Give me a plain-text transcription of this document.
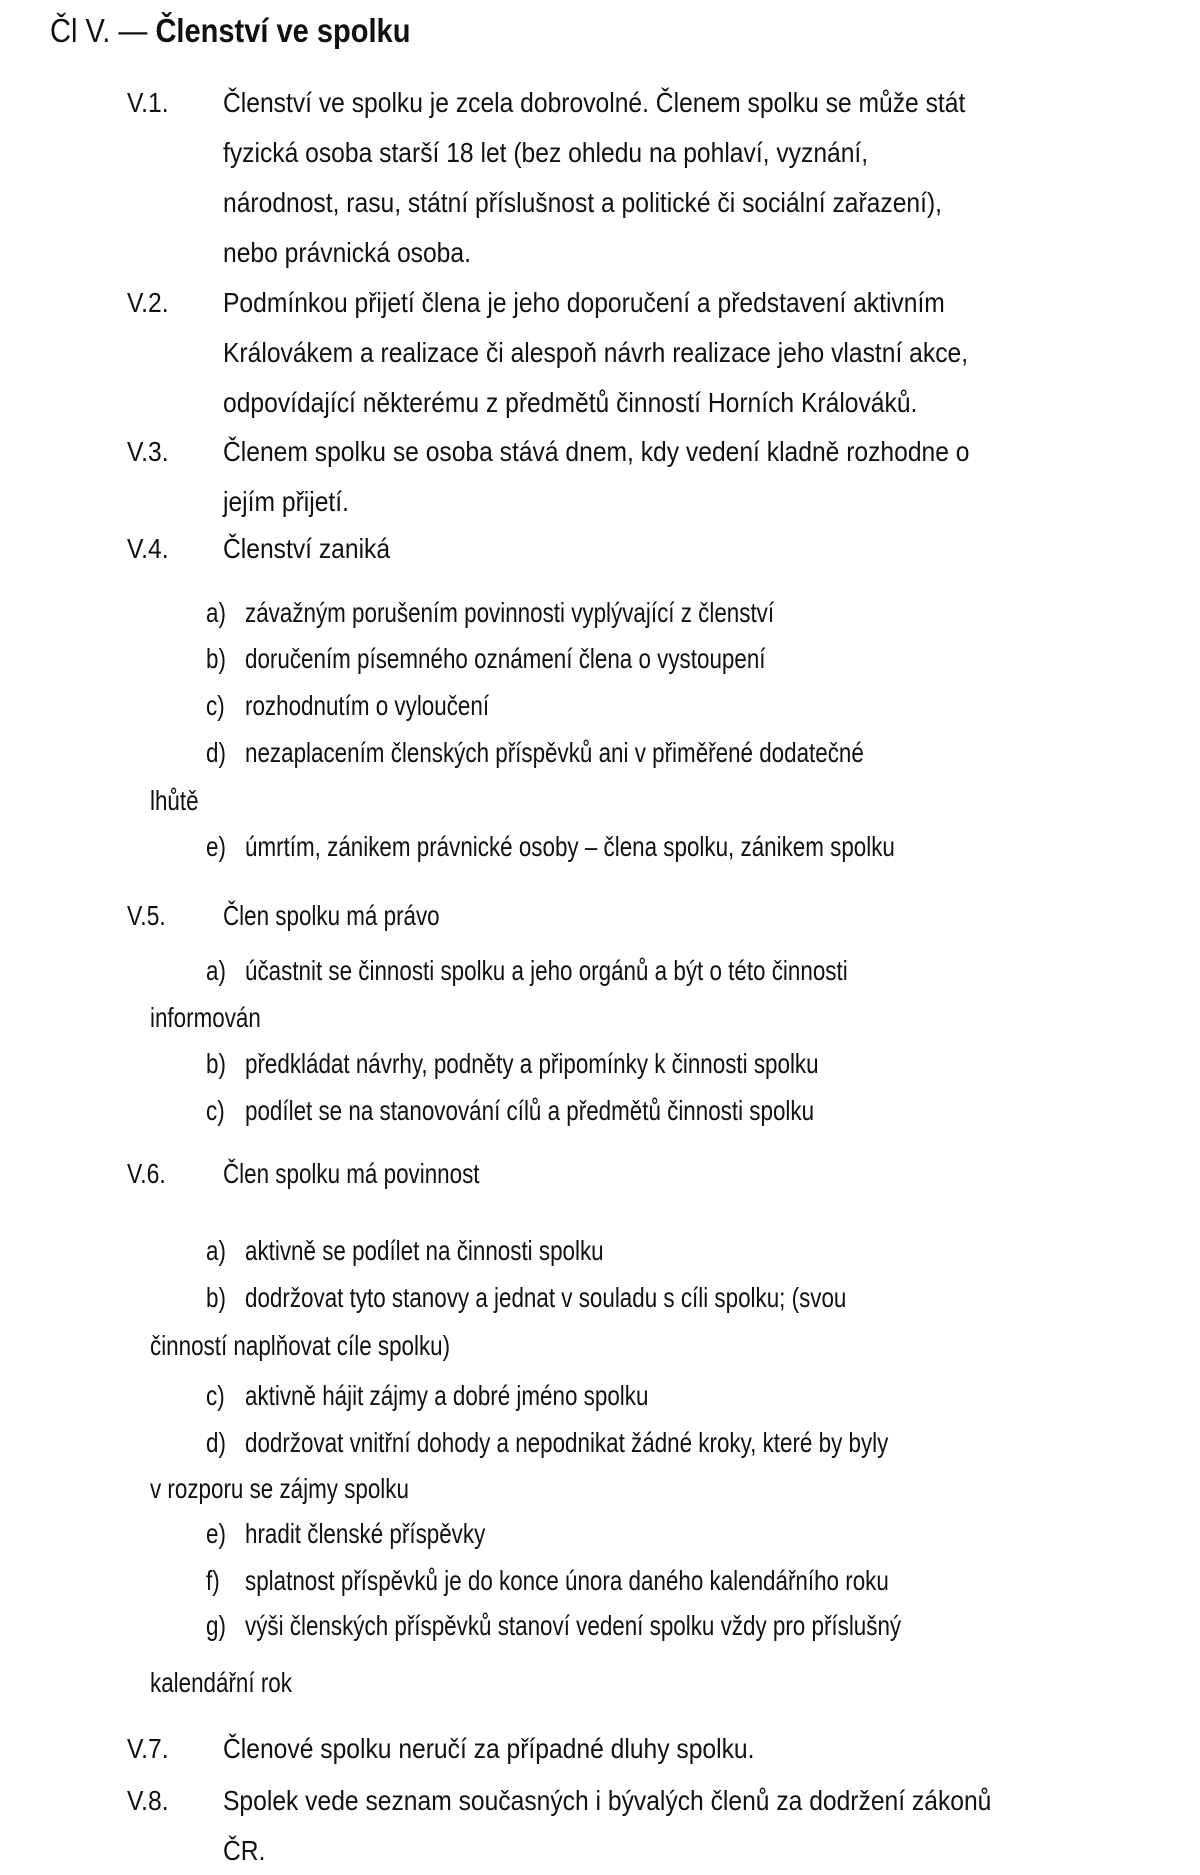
Čl V. — Členství ve spolku
V.1. Členství ve spolku je zcela dobrovolné. Členem spolku se může stát
fyzická osoba starší 18 let (bez ohledu na pohlaví, vyznání,
národnost, rasu, státní příslušnost a politické či sociální zařazení),
nebo právnická osoba.
V.2. Podmínkou přijetí člena je jeho doporučení a představení aktivním
Královákem a realizace či alespoň návrh realizace jeho vlastní akce,
odpovídající některému z předmětů činností Horních Králováků.
V.3. Členem spolku se osoba stává dnem, kdy vedení kladně rozhodne o
jejím přijetí.
V.4. Členství zaniká
a) závažným porušením povinnosti vyplývající z členství
b) doručením písemného oznámení člena o vystoupení
c) rozhodnutím o vyloučení
d) nezaplacením členských příspěvků ani v přiměřené dodatečné
lhůtě
e) úmrtím, zánikem právnické osoby – člena spolku, zánikem spolku
V.5. Člen spolku má právo
a) účastnit se činnosti spolku a jeho orgánů a být o této činnosti
informován
b) předkládat návrhy, podněty a připomínky k činnosti spolku
c) podílet se na stanovování cílů a předmětů činnosti spolku
V.6. Člen spolku má povinnost
a) aktivně se podílet na činnosti spolku
b) dodržovat tyto stanovy a jednat v souladu s cíli spolku; (svou
činností naplňovat cíle spolku)
c) aktivně hájit zájmy a dobré jméno spolku
d) dodržovat vnitřní dohody a nepodnikat žádné kroky, které by byly
v rozporu se zájmy spolku
e) hradit členské příspěvky
f) splatnost příspěvků je do konce února daného kalendářního roku
g) výši členských příspěvků stanoví vedení spolku vždy pro příslušný
kalendářní rok
V.7. Členové spolku neručí za případné dluhy spolku.
V.8. Spolek vede seznam současných i bývalých členů za dodržení zákonů
ČR.
